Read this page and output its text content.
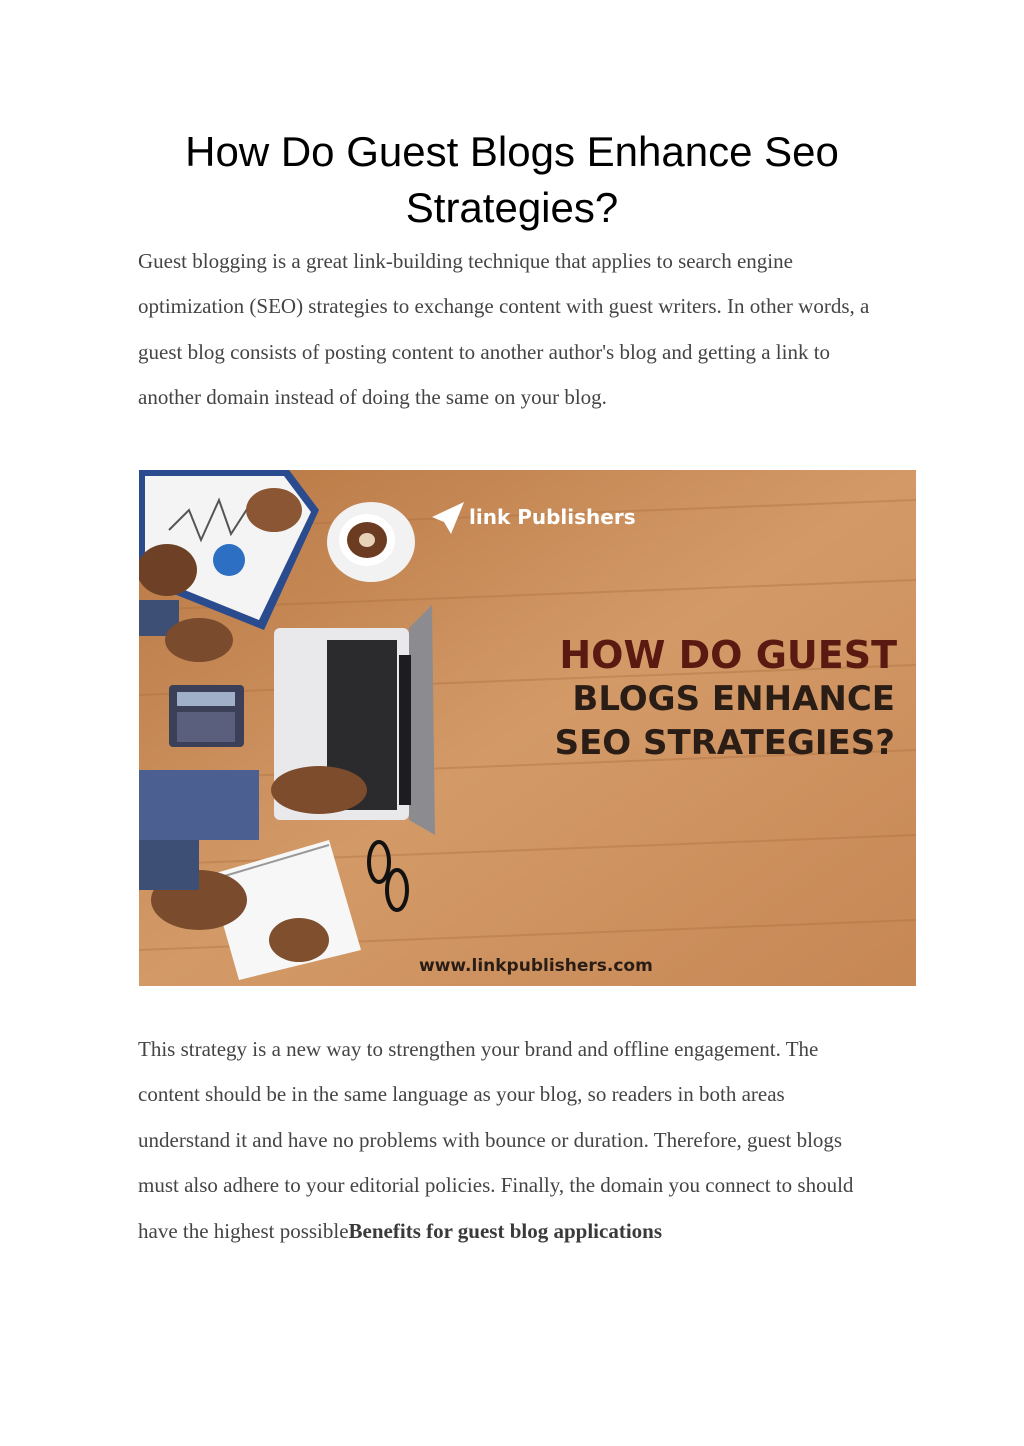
How Do Guest Blogs Enhance Seo Strategies?

Guest blogging is a great link-building technique that applies to search engine optimization (SEO) strategies to exchange content with guest writers. In other words, a guest blog consists of posting content to another author's blog and getting a link to another domain instead of doing the same on your blog.

link Publishers
HOW DO GUEST
BLOGS ENHANCE
SEO STRATEGIES?
www.linkpublishers.com

This strategy is a new way to strengthen your brand and offline engagement. The content should be in the same language as your blog, so readers in both areas understand it and have no problems with bounce or duration. Therefore, guest blogs must also adhere to your editorial policies. Finally, the domain you connect to should have the highest possibleBenefits for guest blog applications
